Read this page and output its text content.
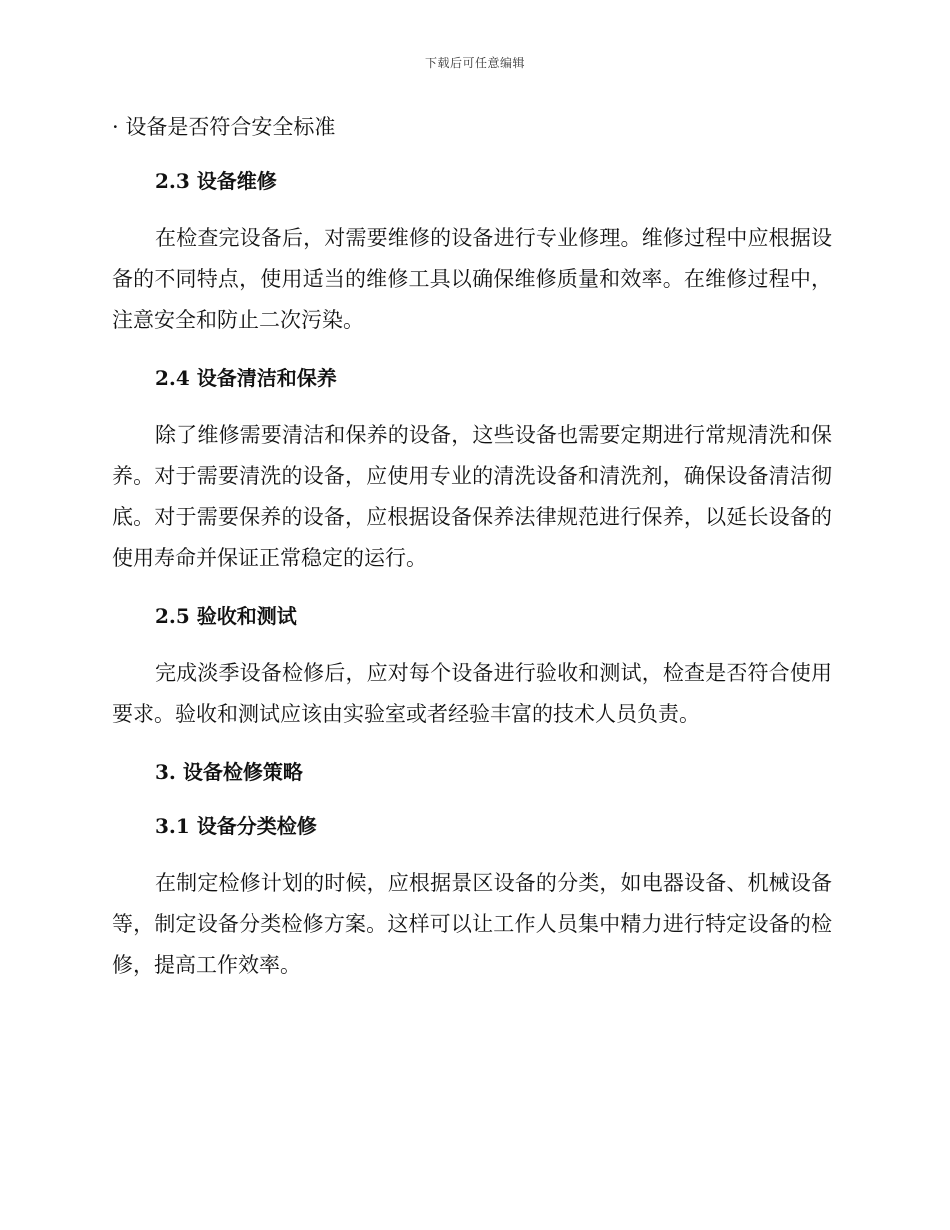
下载后可任意编辑

· 设备是否符合安全标准

2.3 设备维修

在检查完设备后，对需要维修的设备进行专业修理。维修过程中应根据设备的不同特点，使用适当的维修工具以确保维修质量和效率。在维修过程中，注意安全和防止二次污染。

2.4 设备清洁和保养

除了维修需要清洁和保养的设备，这些设备也需要定期进行常规清洗和保养。对于需要清洗的设备，应使用专业的清洗设备和清洗剂，确保设备清洁彻底。对于需要保养的设备，应根据设备保养法律规范进行保养，以延长设备的使用寿命并保证正常稳定的运行。

2.5 验收和测试

完成淡季设备检修后，应对每个设备进行验收和测试，检查是否符合使用要求。验收和测试应该由实验室或者经验丰富的技术人员负责。

3. 设备检修策略

3.1 设备分类检修

在制定检修计划的时候，应根据景区设备的分类，如电器设备、机械设备等，制定设备分类检修方案。这样可以让工作人员集中精力进行特定设备的检修，提高工作效率。
